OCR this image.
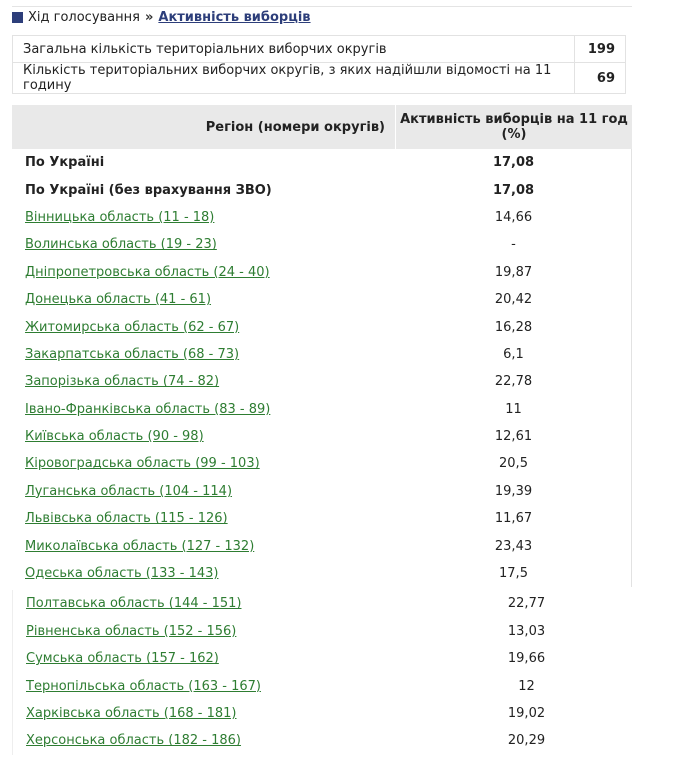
Хід голосування » Активність виборців
Загальна кількість територіальних виборчих округів	199
Кількість територіальних виборчих округів, з яких надійшли відомості на 11 годину	69
Регіон (номери округів)	Активність виборців на 11 год (%)
По Україні	17,08
По Україні (без врахування ЗВО)	17,08
Вінницька область (11 - 18)	14,66
Волинська область (19 - 23)	-
Дніпропетровська область (24 - 40)	19,87
Донецька область (41 - 61)	20,42
Житомирська область (62 - 67)	16,28
Закарпатська область (68 - 73)	6,1
Запорізька область (74 - 82)	22,78
Івано-Франківська область (83 - 89)	11
Київська область (90 - 98)	12,61
Кіровоградська область (99 - 103)	20,5
Луганська область (104 - 114)	19,39
Львівська область (115 - 126)	11,67
Миколаївська область (127 - 132)	23,43
Одеська область (133 - 143)	17,5
Полтавська область (144 - 151)	22,77
Рівненська область (152 - 156)	13,03
Сумська область (157 - 162)	19,66
Тернопільська область (163 - 167)	12
Харківська область (168 - 181)	19,02
Херсонська область (182 - 186)	20,29
